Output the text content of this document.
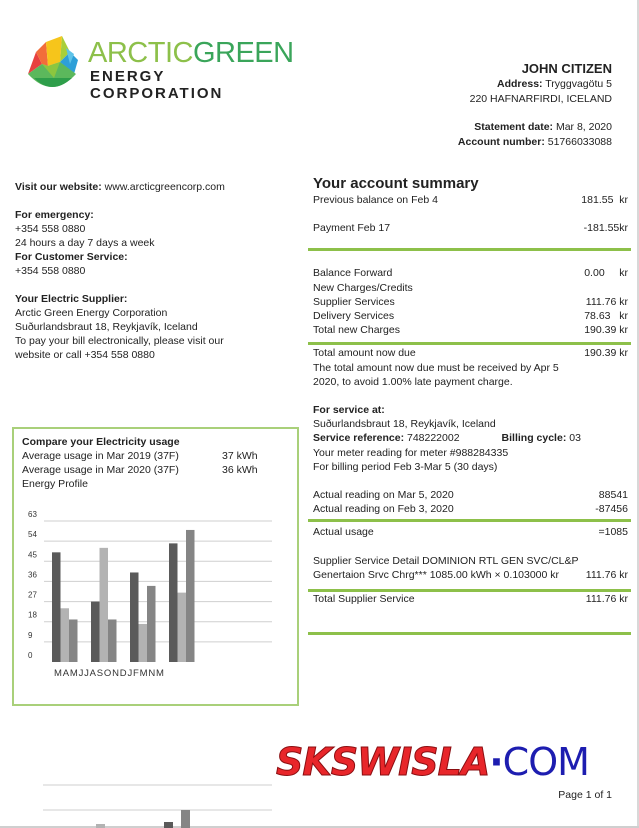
ARCTICGREEN
ENERGY CORPORATION
JOHN CITIZEN
Address: Tryggvagötu 5
220 HAFNARFIRDI, ICELAND
Statement date: Mar 8, 2020
Account number: 51766033088
Visit our website: www.arcticgreencorp.com
For emergency:
+354 558 0880
24 hours a day 7 days a week
For Customer Service:
+354 558 0880
Your Electric Supplier:
Arctic Green Energy Corporation
Suðurlandsbraut 18, Reykjavík, Iceland
To pay your bill electronically, please visit our
website or call +354 558 0880
Your account summary
Previous balance on Feb 4	181.55  kr
Payment Feb 17	-181.55kr
Balance Forward	0.00     kr
New Charges/Credits
Supplier Services	111.76 kr
Delivery Services	78.63   kr
Total new Charges	190.39 kr
Total amount now due	190.39 kr
The total amount now due must be received by Apr 5
2020, to avoid 1.00% late payment charge.
For service at:
Suðurlandsbraut 18, Reykjavík, Iceland
Service reference: 748222002	Billing cycle: 03
Your meter reading for meter #988284335
For billing period Feb 3-Mar 5 (30 days)
Actual reading on Mar 5, 2020	88541
Actual reading on Feb 3, 2020	-87456
Actual usage	=1085
Supplier Service Detail DOMINION RTL GEN SVC/CL&P
Genertaion Srvc Chrg*** 1085.00 kWh × 0.103000 kr	111.76 kr
Total Supplier Service	111.76 kr
Compare your Electricity usage
Average usage in Mar 2019 (37F)	37 kWh
Average usage in Mar 2020 (37F)	36 kWh
Energy Profile
0
9
18
27
36
45
54
63
MAMJJASONDJFMNM
SKSWISLA·COM
Page 1 of 1
